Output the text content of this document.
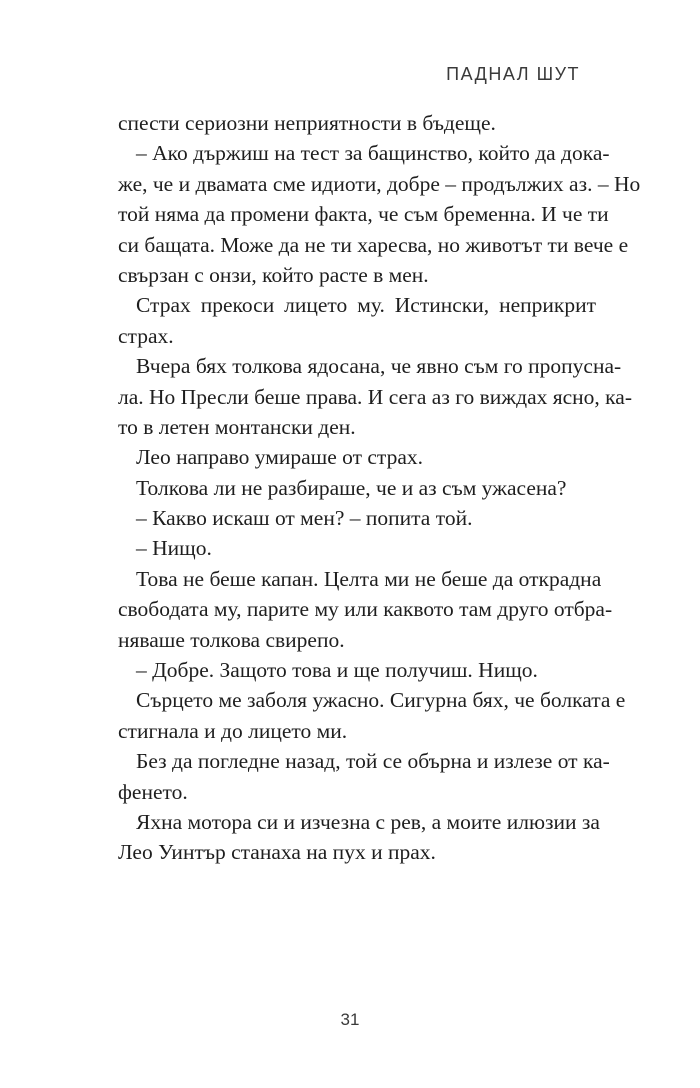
ПАДНАЛ ШУТ
спести сериозни неприятности в бъдеще.
– Ако държиш на тест за бащинство, който да дока-
же, че и двамата сме идиоти, добре – продължих аз. – Но
той няма да промени факта, че съм бременна. И че ти
си бащата. Може да не ти харесва, но животът ти вече е
свързан с онзи, който расте в мен.
Страх прекоси лицето му. Истински, неприкрит
страх.
Вчера бях толкова ядосана, че явно съм го пропусна-
ла. Но Пресли беше права. И сега аз го виждах ясно, ка-
то в летен монтански ден.
Лео направо умираше от страх.
Толкова ли не разбираше, че и аз съм ужасена?
– Какво искаш от мен? – попита той.
– Нищо.
Това не беше капан. Целта ми не беше да открадна
свободата му, парите му или каквото там друго отбра-
няваше толкова свирепо.
– Добре. Защото това и ще получиш. Нищо.
Сърцето ме заболя ужасно. Сигурна бях, че болката е
стигнала и до лицето ми.
Без да погледне назад, той се обърна и излезе от ка-
фенето.
Яхна мотора си и изчезна с рев, а моите илюзии за
Лео Уинтър станаха на пух и прах.
31
